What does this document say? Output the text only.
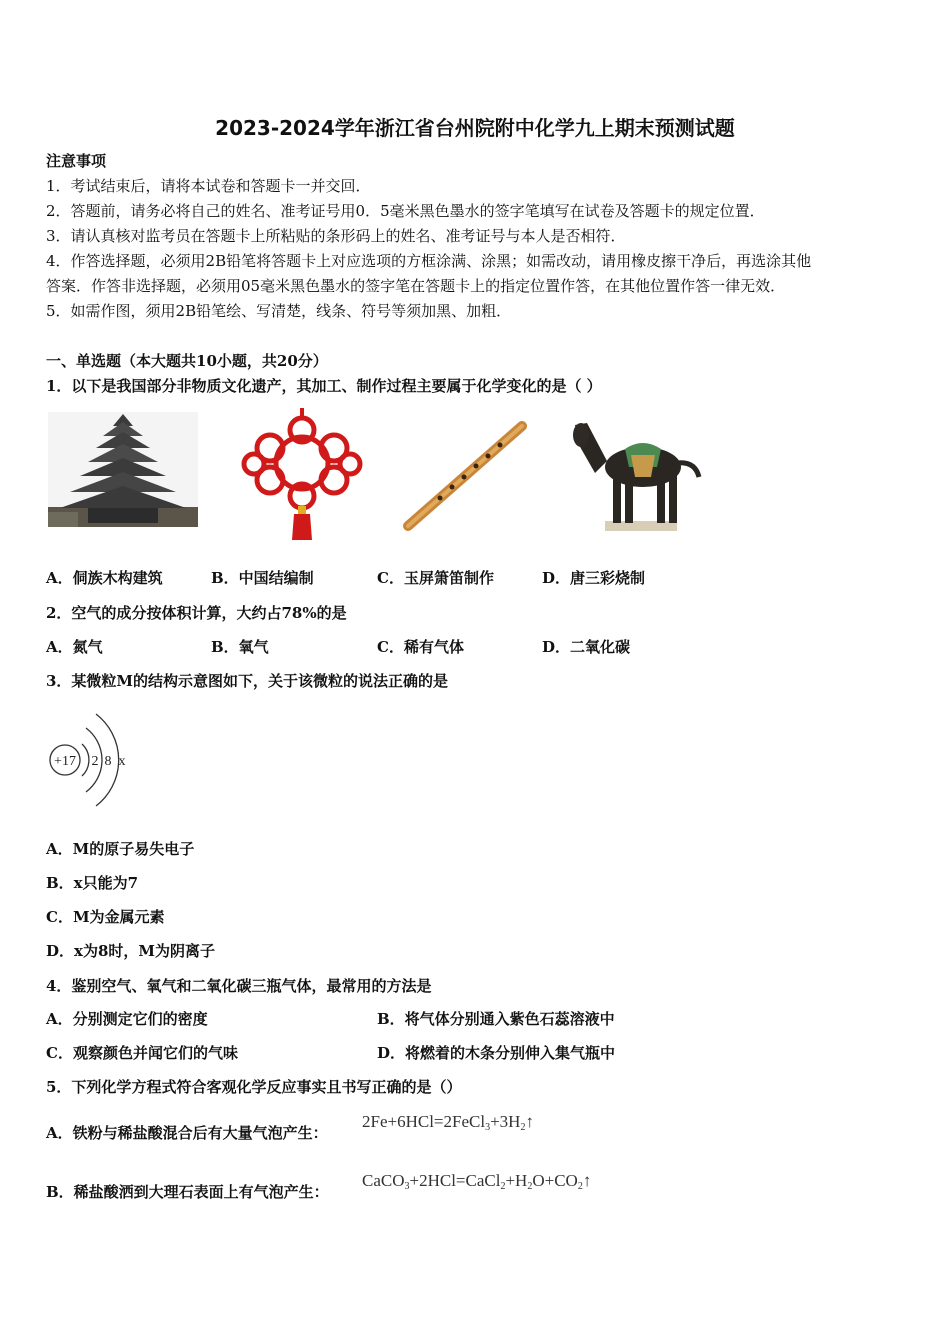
2023-2024学年浙江省台州院附中化学九上期末预测试题
注意事项
1．考试结束后，请将本试卷和答题卡一并交回．
2．答题前，请务必将自己的姓名、准考证号用0．5毫米黑色墨水的签字笔填写在试卷及答题卡的规定位置．
3．请认真核对监考员在答题卡上所粘贴的条形码上的姓名、准考证号与本人是否相符．
4．作答选择题，必须用2B铅笔将答题卡上对应选项的方框涂满、涂黑；如需改动，请用橡皮擦干净后，再选涂其他
答案．作答非选择题，必须用05毫米黑色墨水的签字笔在答题卡上的指定位置作答，在其他位置作答一律无效．
5．如需作图，须用2B铅笔绘、写清楚，线条、符号等须加黑、加粗．
一、单选题（本大题共10小题，共20分）
1．以下是我国部分非物质文化遗产，其加工、制作过程主要属于化学变化的是（ ）
A．侗族木构建筑	B．中国结编制	C．玉屏箫笛制作	D．唐三彩烧制
2．空气的成分按体积计算，大约占78%的是
A．氮气	B．氧气	C．稀有气体	D．二氧化碳
3．某微粒M的结构示意图如下，关于该微粒的说法正确的是
+17 2 8 x
A．M的原子易失电子
B．x只能为7
C．M为金属元素
D．x为8时，M为阴离子
4．鉴别空气、氧气和二氧化碳三瓶气体，最常用的方法是
A．分别测定它们的密度	B．将气体分别通入紫色石蕊溶液中
C．观察颜色并闻它们的气味	D．将燃着的木条分别伸入集气瓶中
5．下列化学方程式符合客观化学反应事实且书写正确的是（）
A．铁粉与稀盐酸混合后有大量气泡产生：
$2Fe+6HCl=2FeCl_3+3H_2↑$
B．稀盐酸洒到大理石表面上有气泡产生：
$CaCO_3+2HCl=CaCl_2+H_2O+CO_2↑$
